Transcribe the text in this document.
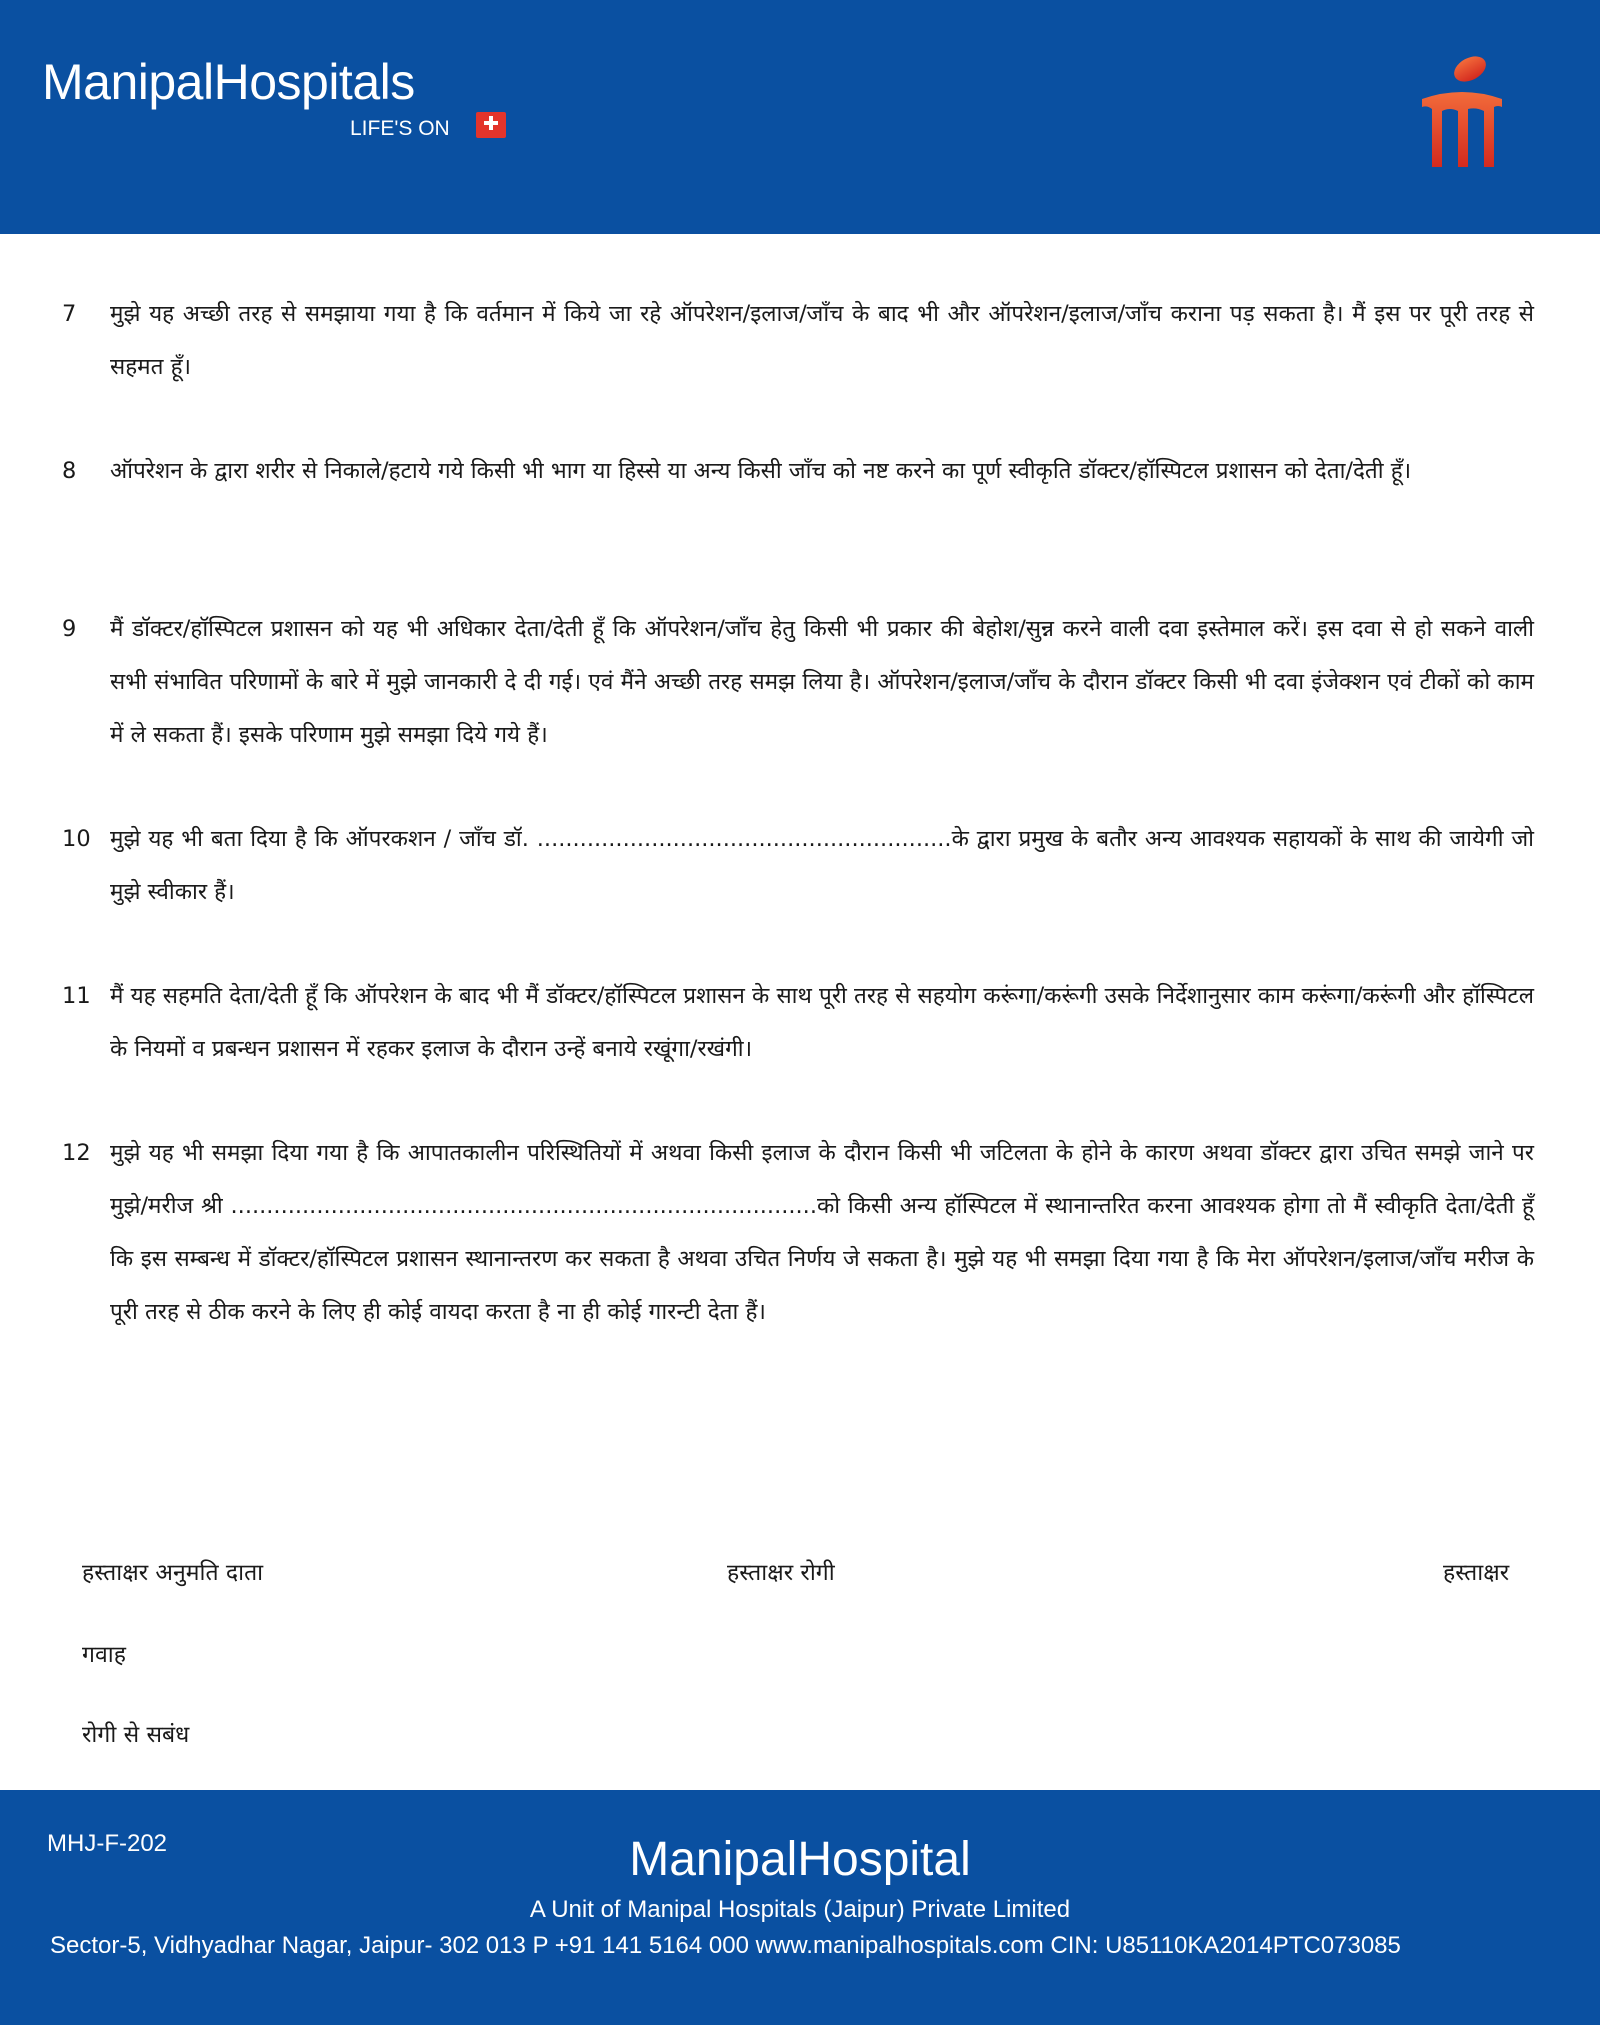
ManipalHospitals
LIFE'S ON
7	मुझे यह अच्छी तरह से समझाया गया है कि वर्तमान में किये जा रहे ऑपरेशन/इलाज/जाँच के बाद भी और ऑपरेशन/इलाज/जाँच कराना पड़ सकता है। मैं इस पर पूरी तरह से सहमत हूँ।
8	ऑपरेशन के द्वारा शरीर से निकाले/हटाये गये किसी भी भाग या हिस्से या अन्य किसी जाँच को नष्ट करने का पूर्ण स्वीकृति डॉक्टर/हॉस्पिटल प्रशासन को देता/देती हूँ।
9	मैं डॉक्टर/हॉस्पिटल प्रशासन को यह भी अधिकार देता/देती हूँ कि ऑपरेशन/जाँच हेतु किसी भी प्रकार की बेहोश/सुन्न करने वाली दवा इस्तेमाल करें। इस दवा से हो सकने वाली सभी संभावित परिणामों के बारे में मुझे जानकारी दे दी गई। एवं मैंने अच्छी तरह समझ लिया है। ऑपरेशन/इलाज/जाँच के दौरान डॉक्टर किसी भी दवा इंजेक्शन एवं टीकों को काम में ले सकता हैं। इसके परिणाम मुझे समझा दिये गये हैं।
10 मुझे यह भी बता दिया है कि ऑपरकशन / जाँच डॉ. ..........................................................के द्वारा प्रमुख के बतौर अन्य आवश्यक सहायकों के साथ की जायेगी जो मुझे स्वीकार हैं।
11 मैं यह सहमति देता/देती हूँ कि ऑपरेशन के बाद भी मैं डॉक्टर/हॉस्पिटल प्रशासन के साथ पूरी तरह से सहयोग करूंगा/करूंगी उसके निर्देशानुसार काम करूंगा/करूंगी और हॉस्पिटल के नियमों व प्रबन्धन प्रशासन में रहकर इलाज के दौरान उन्हें बनाये रखूंगा/रखंगी।
12 मुझे यह भी समझा दिया गया है कि आपातकालीन परिस्थितियों में अथवा किसी इलाज के दौरान किसी भी जटिलता के होने के कारण अथवा डॉक्टर द्वारा उचित समझे जाने पर मुझे/मरीज श्री ..................................................................................को किसी अन्य हॉस्पिटल में स्थानान्तरित करना आवश्यक होगा तो मैं स्वीकृति देता/देती हूँ कि इस सम्बन्ध में डॉक्टर/हॉस्पिटल प्रशासन स्थानान्तरण कर सकता है अथवा उचित निर्णय जे सकता है। मुझे यह भी समझा दिया गया है कि मेरा ऑपरेशन/इलाज/जाँच मरीज के पूरी तरह से ठीक करने के लिए ही कोई वायदा करता है ना ही कोई गारन्टी देता हैं।
हस्ताक्षर अनुमति दाता	हस्ताक्षर रोगी	हस्ताक्षर
गवाह
रोगी से सबंध
MHJ-F-202	ManipalHospital
A Unit of Manipal Hospitals (Jaipur) Private Limited
Sector-5, Vidhyadhar Nagar, Jaipur- 302 013 P +91 141 5164 000 www.manipalhospitals.com CIN: U85110KA2014PTC073085
